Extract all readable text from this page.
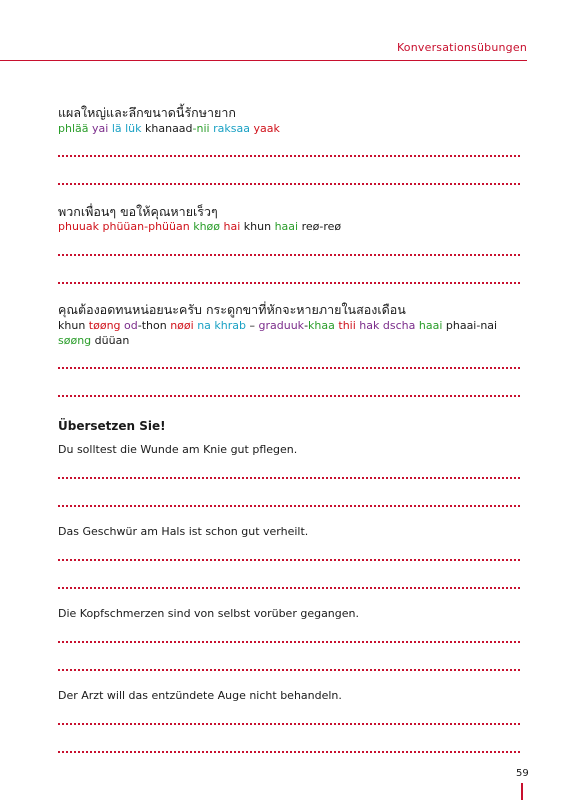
Konversationsübungen
แผลใหญ่และลึกขนาดนี้รักษายาก
phlää yai lä lük khanaad-nii raksaa yaak
พวกเพื่อนๆ ขอให้คุณหายเร็วๆ
phuuak phüüan-phüüan khøø hai khun haai reø-reø
คุณต้องอดทนหน่อยนะครับ กระดูกขาที่หักจะหายภายในสองเดือน
khun tøøng od-thon nøøi na khrab – graduuk-khaa thii hak dscha haai phaai-nai søøng düüan
Übersetzen Sie!
Du solltest die Wunde am Knie gut pflegen.
Das Geschwür am Hals ist schon gut verheilt.
Die Kopfschmerzen sind von selbst vorüber gegangen.
Der Arzt will das entzündete Auge nicht behandeln.
59
